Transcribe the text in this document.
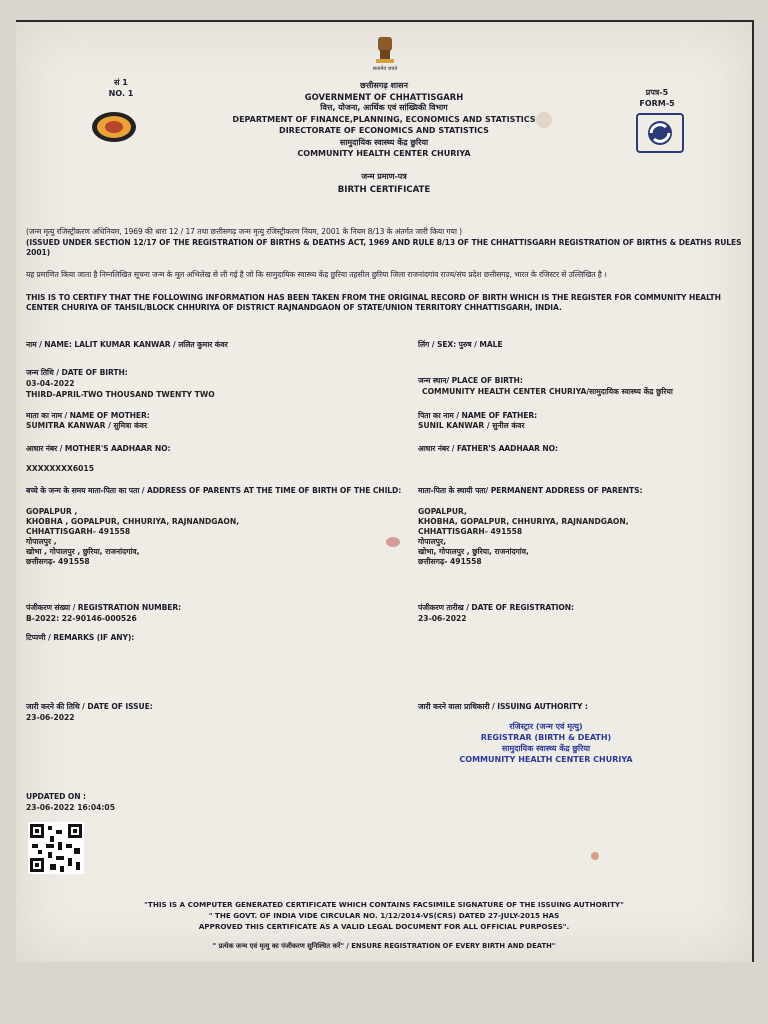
सं 1
NO. 1	प्रपत्र-5
FORM-5
सत्यमेव जयते
छत्तीसगढ़ शासन
GOVERNMENT OF CHHATTISGARH
वित्त, योजना, आर्थिक एवं सांख्यिकी विभाग
DEPARTMENT OF FINANCE,PLANNING, ECONOMICS AND STATISTICS
DIRECTORATE OF ECONOMICS AND STATISTICS
सामुदायिक स्वास्थ्य केंद्र छुरिया
COMMUNITY HEALTH CENTER CHURIYA
जन्म प्रमाण-पत्र
BIRTH CERTIFICATE
(जन्म मृत्यु रजिस्ट्रीकरण अधिनियम, 1969 की धारा 12 / 17 तथा छत्तीसगढ़ जन्म मृत्यु रजिस्ट्रीकरण नियम, 2001 के नियम 8/13 के अंतर्गत जारी किया गया )
(ISSUED UNDER SECTION 12/17 OF THE REGISTRATION OF BIRTHS & DEATHS ACT, 1969 AND RULE 8/13 OF THE CHHATTISGARH REGISTRATION OF BIRTHS & DEATHS RULES 2001)
यह प्रमाणित किया जाता है निम्नलिखित सूचना जन्म के मूल अभिलेख से ली गई है जो कि सामुदायिक स्वास्थ्य केंद्र छुरिया तहसील छुरिया जिला राजनांदगांव राज्य/संघ प्रदेश छत्तीसगढ़, भारत के रजिस्टर से उल्लिखित है ।
THIS IS TO CERTIFY THAT THE FOLLOWING INFORMATION HAS BEEN TAKEN FROM THE ORIGINAL RECORD OF BIRTH WHICH IS THE REGISTER FOR COMMUNITY HEALTH CENTER CHURIYA OF TAHSIL/BLOCK CHHURIYA OF DISTRICT RAJNANDGAON OF STATE/UNION TERRITORY CHHATTISGARH, INDIA.
नाम / NAME: LALIT KUMAR KANWAR / ललित कुमार कंवर	लिंग / SEX: पुरुष / MALE
जन्म तिथि / DATE OF BIRTH:
03-04-2022
THIRD-APRIL-TWO THOUSAND TWENTY TWO
जन्म स्थान/ PLACE OF BIRTH:
COMMUNITY HEALTH CENTER CHURIYA/सामुदायिक स्वास्थ्य केंद्र छुरिया
माता का नाम / NAME OF MOTHER:
SUMITRA KANWAR / सुमित्रा कंवर
पिता का नाम / NAME OF FATHER:
SUNIL KANWAR / सुनील कंवर
आधार नंबर / MOTHER'S AADHAAR NO:	आधार नंबर / FATHER'S AADHAAR NO:
XXXXXXXX6015
बच्चे के जन्म के समय माता-पिता का पता / ADDRESS OF PARENTS AT THE TIME OF BIRTH OF THE CHILD:
GOPALPUR ,
KHOBHA , GOPALPUR, CHHURIYA, RAJNANDGAON,
CHHATTISGARH- 491558
गोपालपुर ,
खोभा , गोपालपुर , छुरिया, राजनांदगांव,
छत्तीसगढ़- 491558
माता-पिता के स्थायी पता/ PERMANENT ADDRESS OF PARENTS:
GOPALPUR,
KHOBHA, GOPALPUR, CHHURIYA, RAJNANDGAON,
CHHATTISGARH- 491558
गोपालपुर,
खोभा, गोपालपुर , छुरिया, राजनांदगांव,
छत्तीसगढ़- 491558
पंजीकरण संख्या / REGISTRATION NUMBER:
B-2022: 22-90146-000526
पंजीकरण तारीख / DATE OF REGISTRATION:
23-06-2022
टिप्पणी / REMARKS (IF ANY):
जारी करने की तिथि / DATE OF ISSUE:
23-06-2022
जारी करने वाला प्राधिकारी / ISSUING AUTHORITY :
रजिस्ट्रार (जन्म एवं मृत्यु)
REGISTRAR (BIRTH & DEATH)
सामुदायिक स्वास्थ्य केंद्र छुरिया
COMMUNITY HEALTH CENTER CHURIYA
UPDATED ON :
23-06-2022 16:04:05
"THIS IS A COMPUTER GENERATED CERTIFICATE WHICH CONTAINS FACSIMILE SIGNATURE OF THE ISSUING AUTHORITY"
" THE GOVT. OF INDIA VIDE CIRCULAR NO. 1/12/2014-VS(CRS) DATED 27-JULY-2015 HAS
APPROVED THIS CERTIFICATE AS A VALID LEGAL DOCUMENT FOR ALL OFFICIAL PURPOSES".
" प्रत्येक जन्म एवं मृत्यु का पंजीकरण सुनिश्चित करें" / ENSURE REGISTRATION OF EVERY BIRTH AND DEATH"
